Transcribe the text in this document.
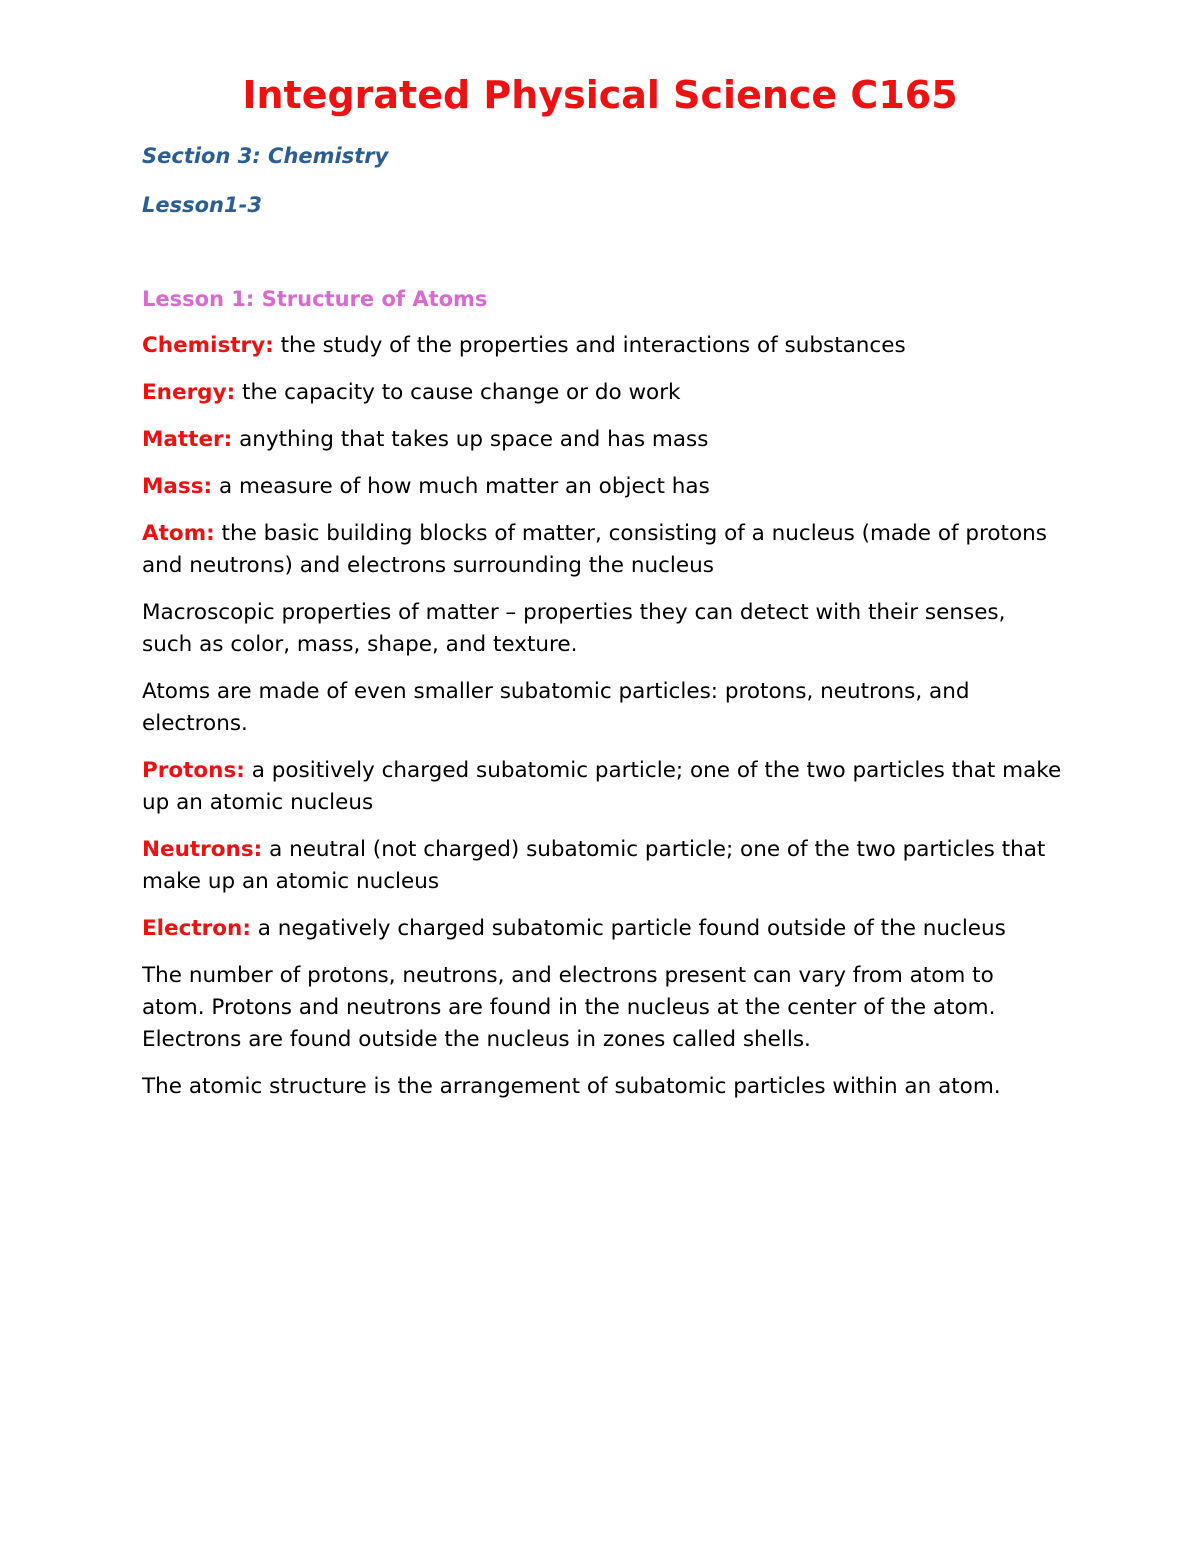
Integrated Physical Science C165

Section 3: Chemistry

Lesson1-3

Lesson 1: Structure of Atoms

Chemistry: the study of the properties and interactions of substances

Energy: the capacity to cause change or do work

Matter: anything that takes up space and has mass

Mass: a measure of how much matter an object has

Atom: the basic building blocks of matter, consisting of a nucleus (made of protons and neutrons) and electrons surrounding the nucleus

Macroscopic properties of matter – properties they can detect with their senses, such as color, mass, shape, and texture.

Atoms are made of even smaller subatomic particles: protons, neutrons, and electrons.

Protons: a positively charged subatomic particle; one of the two particles that make up an atomic nucleus

Neutrons: a neutral (not charged) subatomic particle; one of the two particles that make up an atomic nucleus

Electron: a negatively charged subatomic particle found outside of the nucleus

The number of protons, neutrons, and electrons present can vary from atom to atom. Protons and neutrons are found in the nucleus at the center of the atom. Electrons are found outside the nucleus in zones called shells.

The atomic structure is the arrangement of subatomic particles within an atom.
